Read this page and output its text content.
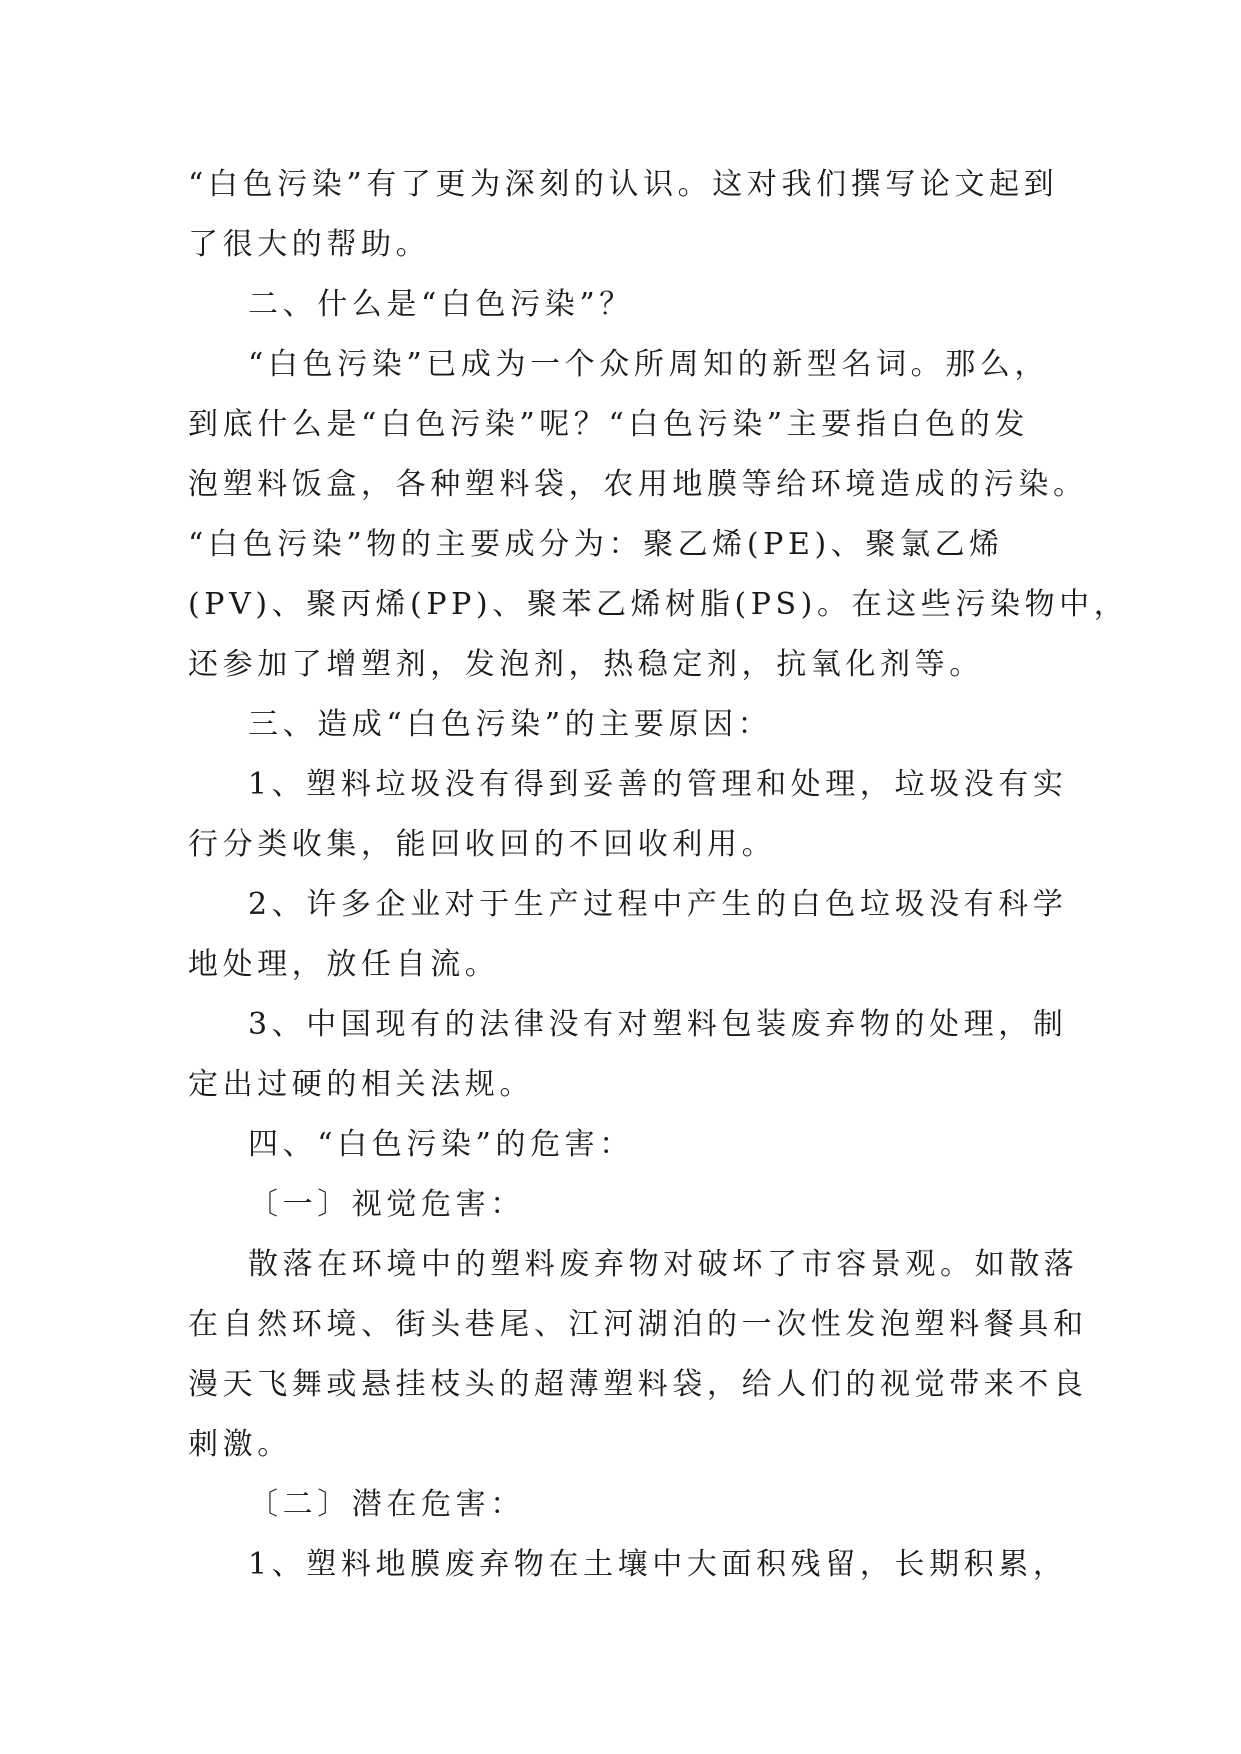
“白色污染”有了更为深刻的认识。这对我们撰写论文起到
了很大的帮助。
二、什么是“白色污染”？
“白色污染”已成为一个众所周知的新型名词。那么，
到底什么是“白色污染”呢？“白色污染”主要指白色的发
泡塑料饭盒，各种塑料袋，农用地膜等给环境造成的污染。
“白色污染”物的主要成分为：聚乙烯(PE)、聚氯乙烯
(PV)、聚丙烯(PP)、聚苯乙烯树脂(PS)。在这些污染物中，
还参加了增塑剂，发泡剂，热稳定剂，抗氧化剂等。
三、造成“白色污染”的主要原因：
1、塑料垃圾没有得到妥善的管理和处理，垃圾没有实
行分类收集，能回收回的不回收利用。
2、许多企业对于生产过程中产生的白色垃圾没有科学
地处理，放任自流。
3、中国现有的法律没有对塑料包装废弃物的处理，制
定出过硬的相关法规。
四、“白色污染”的危害：
〔一〕视觉危害：
散落在环境中的塑料废弃物对破坏了市容景观。如散落
在自然环境、街头巷尾、江河湖泊的一次性发泡塑料餐具和
漫天飞舞或悬挂枝头的超薄塑料袋，给人们的视觉带来不良
刺激。
〔二〕潜在危害：
1、塑料地膜废弃物在土壤中大面积残留，长期积累，
